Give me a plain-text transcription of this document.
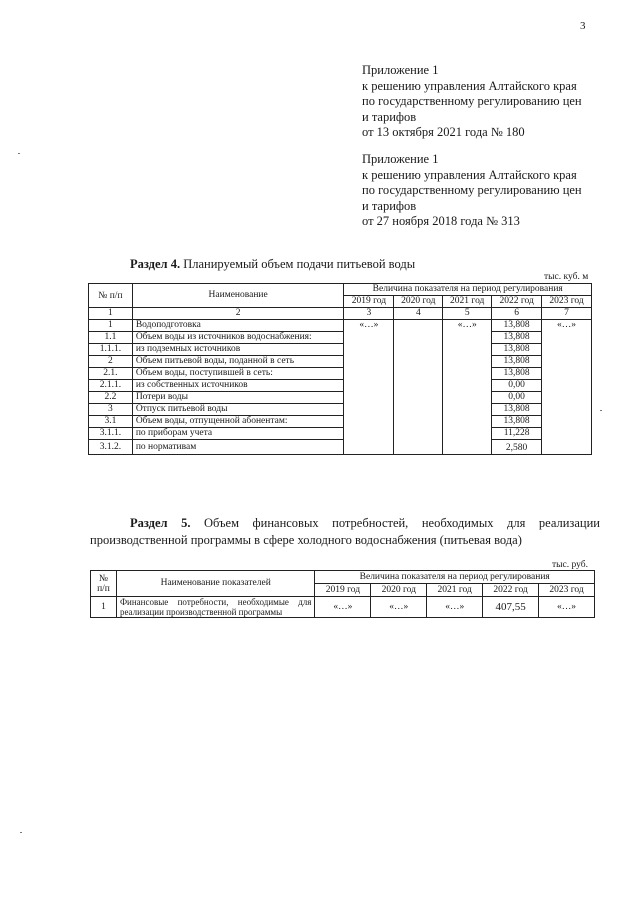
3
Приложение 1
к решению управления Алтайского края
по государственному регулированию цен
и тарифов
от 13 октября 2021 года № 180
Приложение 1
к решению управления Алтайского края
по государственному регулированию цен
и тарифов
от 27 ноября 2018 года № 313
Раздел 4. Планируемый объем подачи питьевой воды
тыс. куб. м
№ п/п	Наименование	Величина показателя на период регулирования				
		2019 год	2020 год	2021 год	2022 год	2023 год
1	2	3	4	5	6	7
1	Водоподготовка	«…»		«…»	13,808	«…»
1.1	Объем воды из источников водоснабжения:				13,808	
1.1.1.	из подземных источников				13,808	
2	Объем питьевой воды, поданной в сеть				13,808	
2.1.	Объем воды, поступившей в сеть:				13,808	
2.1.1.	из собственных источников				0,00	
2.2	Потери воды				0,00	
3	Отпуск питьевой воды				13,808	
3.1	Объем воды, отпущенной абонентам:				13,808	
3.1.1.	по приборам учета				11,228	
3.1.2.	по нормативам				2,580	
Раздел 5. Объем финансовых потребностей, необходимых для реализации производственной программы в сфере холодного водоснабжения (питьевая вода)
тыс. руб.
№ п/п	Наименование показателей	Величина показателя на период регулирования				
		2019 год	2020 год	2021 год	2022 год	2023 год
1	Финансовые потребности, необходимые для реализации производственной программы	«…»	«…»	«…»	407,55	«…»
